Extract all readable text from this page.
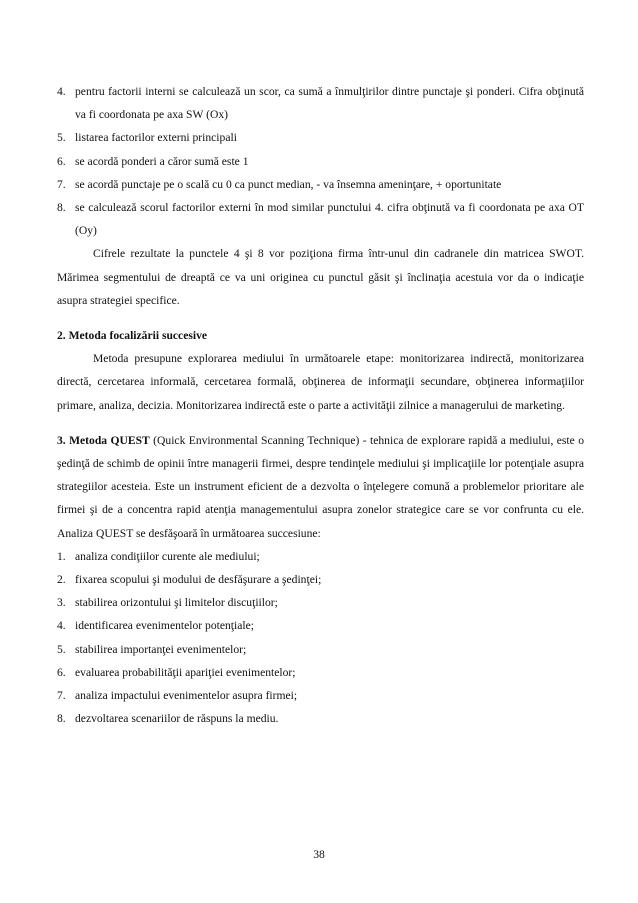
4. pentru factorii interni se calculează un scor, ca sumă a înmulţirilor dintre punctaje şi ponderi. Cifra obţinută va fi coordonata pe axa SW (Ox)
5. listarea factorilor externi principali
6. se acordă ponderi a căror sumă este 1
7. se acordă punctaje pe o scală cu 0 ca punct median, - va însemna ameninţare, + oportunitate
8. se calculează scorul factorilor externi în mod similar punctului 4. cifra obţinută va fi coordonata pe axa OT (Oy)

Cifrele rezultate la punctele 4 şi 8 vor poziţiona firma într-unul din cadranele din matricea SWOT. Mărimea segmentului de dreaptă ce va uni originea cu punctul găsit şi înclinaţia acestuia vor da o indicaţie asupra strategiei specifice.

2. Metoda focalizării succesive

Metoda presupune explorarea mediului în următoarele etape: monitorizarea indirectă, monitorizarea directă, cercetarea informală, cercetarea formală, obţinerea de informaţii secundare, obţinerea informaţiilor primare, analiza, decizia. Monitorizarea indirectă este o parte a activităţii zilnice a managerului de marketing.

3. Metoda QUEST (Quick Environmental Scanning Technique) - tehnica de explorare rapidă a mediului, este o şedinţă de schimb de opinii între managerii firmei, despre tendinţele mediului şi implicaţiile lor potenţiale asupra strategiilor acesteia. Este un instrument eficient de a dezvolta o înţelegere comună a problemelor prioritare ale firmei şi de a concentra rapid atenţia managementului asupra zonelor strategice care se vor confrunta cu ele. Analiza QUEST se desfăşoară în următoarea succesiune:

1. analiza condiţiilor curente ale mediului;
2. fixarea scopului şi modului de desfăşurare a şedinţei;
3. stabilirea orizontului şi limitelor discuţiilor;
4. identificarea evenimentelor potenţiale;
5. stabilirea importanţei evenimentelor;
6. evaluarea probabilităţii apariţiei evenimentelor;
7. analiza impactului evenimentelor asupra firmei;
8. dezvoltarea scenariilor de răspuns la mediu.
38
